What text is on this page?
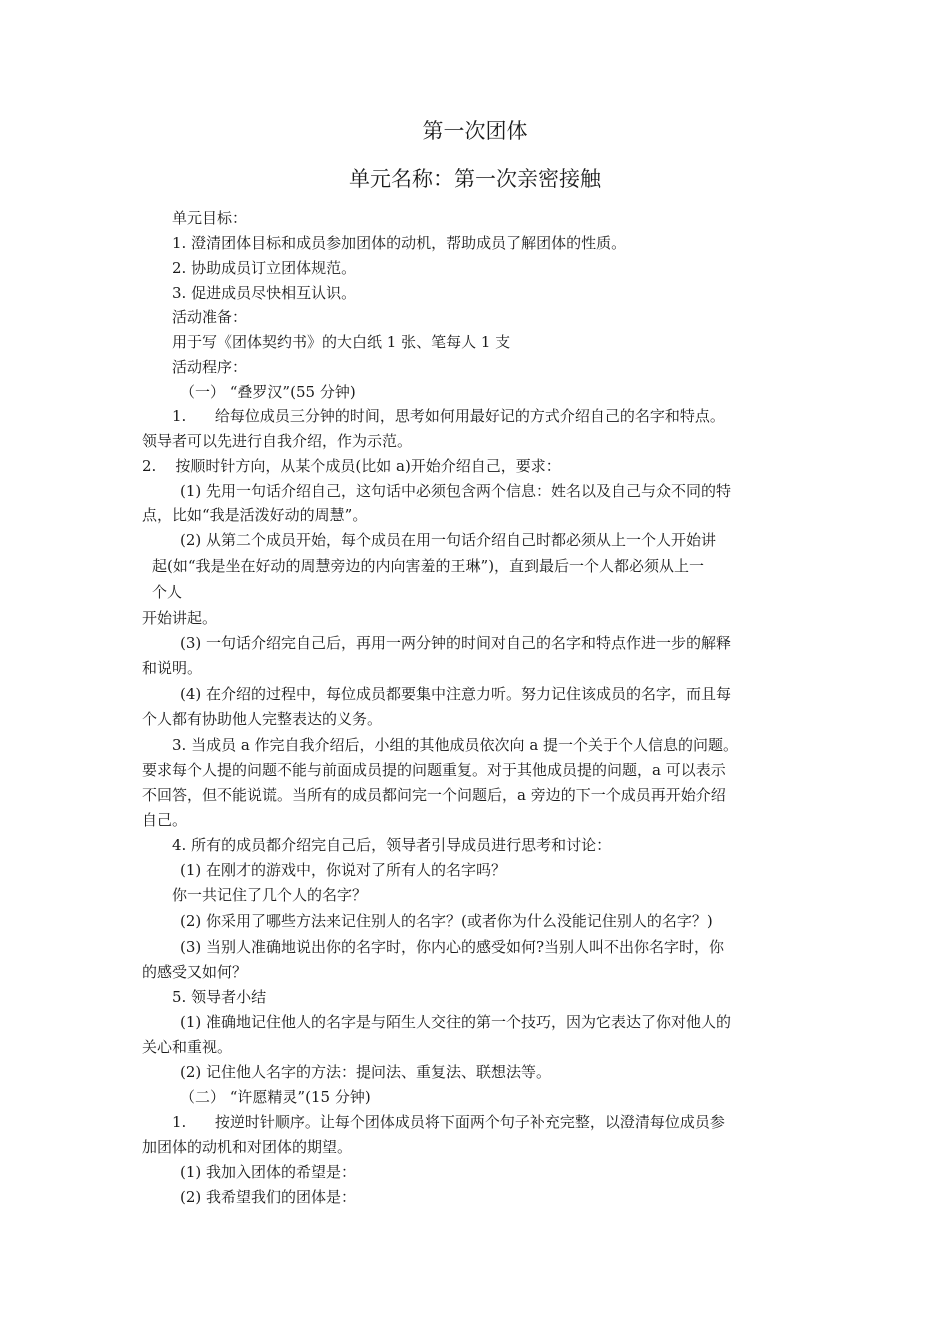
第一次团体
单元名称：第一次亲密接触
单元目标：
1. 澄清团体目标和成员参加团体的动机，帮助成员了解团体的性质。
2. 协助成员订立团体规范。
3. 促进成员尽快相互认识。
活动准备：
用于写《团体契约书》的大白纸 1 张、笔每人 1 支
活动程序：
（一） “叠罗汉”(55 分钟)
1.      给每位成员三分钟的时间，思考如何用最好记的方式介绍自己的名字和特点。
领导者可以先进行自我介绍，作为示范。
2.    按顺时针方向，从某个成员(比如 a)开始介绍自己，要求：
(1) 先用一句话介绍自己，这句话中必须包含两个信息：姓名以及自己与众不同的特
点，比如“我是活泼好动的周慧”。
(2) 从第二个成员开始，每个成员在用一句话介绍自己时都必须从上一个人开始讲
起(如“我是坐在好动的周慧旁边的内向害羞的王琳”)，直到最后一个人都必须从上一
个人
开始讲起。
(3) 一句话介绍完自己后，再用一两分钟的时间对自己的名字和特点作进一步的解释
和说明。
(4) 在介绍的过程中，每位成员都要集中注意力听。努力记住该成员的名字，而且每
个人都有协助他人完整表达的义务。
3. 当成员 a 作完自我介绍后，小组的其他成员依次向 a 提一个关于个人信息的问题。
要求每个人提的问题不能与前面成员提的问题重复。对于其他成员提的问题，a 可以表示
不回答，但不能说谎。当所有的成员都问完一个问题后，a 旁边的下一个成员再开始介绍
自己。
4. 所有的成员都介绍完自己后，领导者引导成员进行思考和讨论：
(1) 在刚才的游戏中，你说对了所有人的名字吗？
你一共记住了几个人的名字？
(2) 你采用了哪些方法来记住别人的名字？(或者你为什么没能记住别人的名字？)
(3) 当别人准确地说出你的名字时，你内心的感受如何?当别人叫不出你名字时，你
的感受又如何？
5. 领导者小结
(1) 准确地记住他人的名字是与陌生人交往的第一个技巧，因为它表达了你对他人的
关心和重视。
(2) 记住他人名字的方法：提问法、重复法、联想法等。
（二） “许愿精灵”(15 分钟)
1.      按逆时针顺序。让每个团体成员将下面两个句子补充完整，以澄清每位成员参
加团体的动机和对团体的期望。
(1) 我加入团体的希望是：
(2) 我希望我们的团体是：
